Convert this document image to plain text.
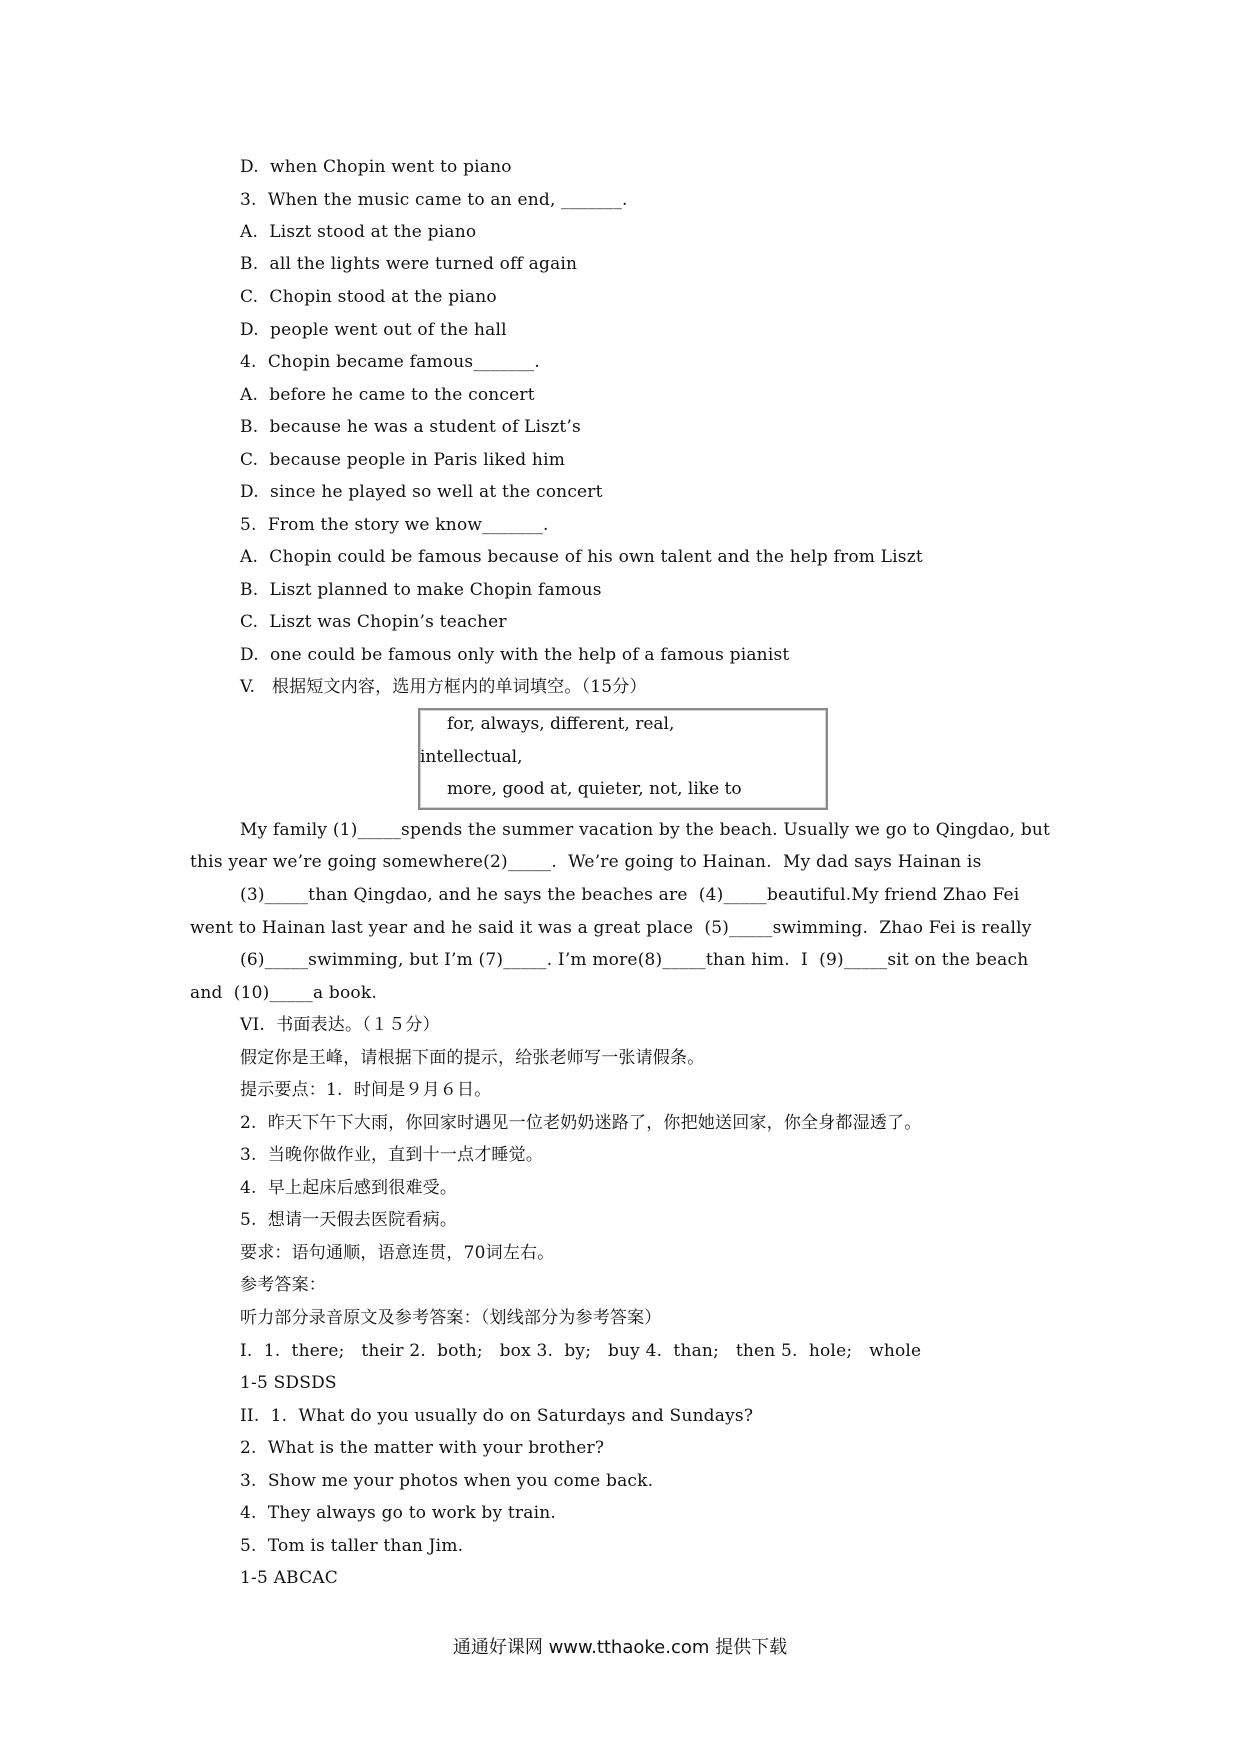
D.  when Chopin went to piano
3.  When the music came to an end, _______.
A.  Liszt stood at the piano
B.  all the lights were turned off again
C.  Chopin stood at the piano
D.  people went out of the hall
4.  Chopin became famous_______.
A.  before he came to the concert
B.  because he was a student of Liszt’s
C.  because people in Paris liked him
D.  since he played so well at the concert
5.  From the story we know_______.
A.  Chopin could be famous because of his own talent and the help from Liszt
B.  Liszt planned to make Chopin famous
C.  Liszt was Chopin’s teacher
D.  one could be famous only with the help of a famous pianist
V.   根据短文内容，选用方框内的单词填空。（15分）
for, always, different, real,
intellectual,
more, good at, quieter, not, like to
My family (1)_____spends the summer vacation by the beach. Usually we go to Qingdao, but
this year we’re going somewhere(2)_____.  We’re going to Hainan.  My dad says Hainan is
(3)_____than Qingdao, and he says the beaches are  (4)_____beautiful.My friend Zhao Fei
went to Hainan last year and he said it was a great place  (5)_____swimming.  Zhao Fei is really
(6)_____swimming, but I’m (7)_____. I’m more(8)_____than him.  I  (9)_____sit on the beach
and  (10)_____a book.
VI.  书面表达。（１５分）
假定你是王峰，请根据下面的提示，给张老师写一张请假条。
提示要点：1.  时间是９月６日。
2.  昨天下午下大雨，你回家时遇见一位老奶奶迷路了，你把她送回家，你全身都湿透了。
3.  当晚你做作业，直到十一点才睡觉。
4.  早上起床后感到很难受。
5.  想请一天假去医院看病。
要求：语句通顺，语意连贯，70词左右。
参考答案：
听力部分录音原文及参考答案：（划线部分为参考答案）
I.  1.  there;   their 2.  both;   box 3.  by;   buy 4.  than;   then 5.  hole;   whole
1-5 SDSDS
II.  1.  What do you usually do on Saturdays and Sundays?
2.  What is the matter with your brother?
3.  Show me your photos when you come back.
4.  They always go to work by train.
5.  Tom is taller than Jim.
1-5 ABCAC
通通好课网 www.tthaoke.com 提供下载
